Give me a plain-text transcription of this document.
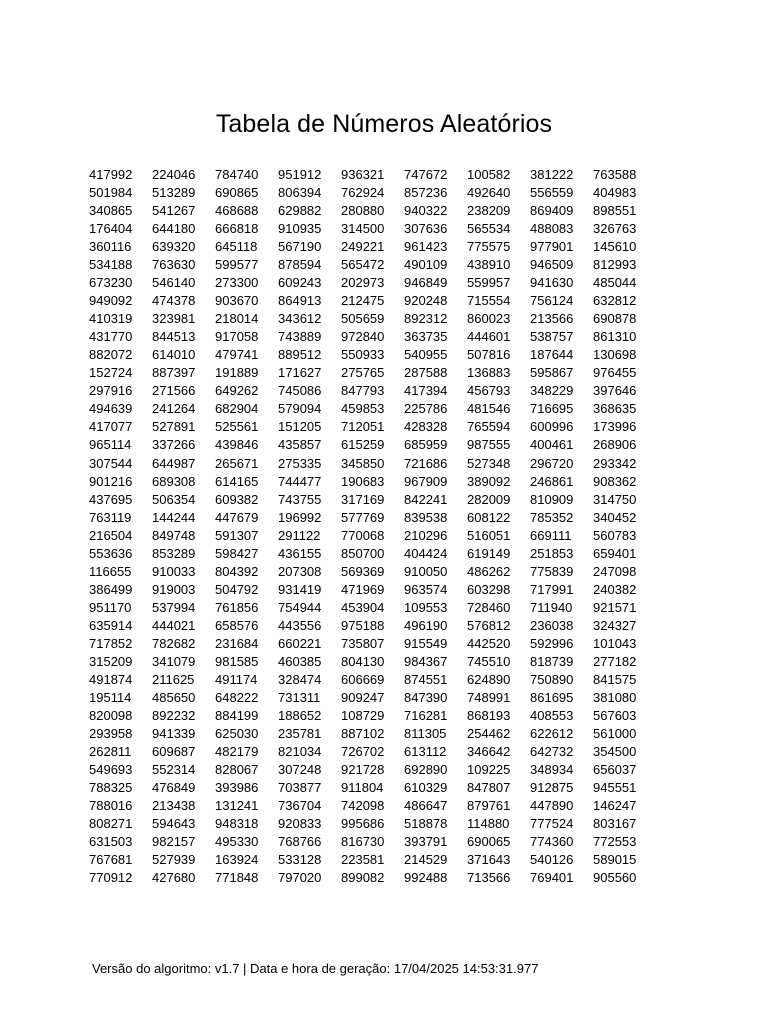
Tabela de Números Aleatórios
417992	224046	784740	951912	936321	747672	100582	381222	763588
501984	513289	690865	806394	762924	857236	492640	556559	404983
340865	541267	468688	629882	280880	940322	238209	869409	898551
176404	644180	666818	910935	314500	307636	565534	488083	326763
360116	639320	645118	567190	249221	961423	775575	977901	145610
534188	763630	599577	878594	565472	490109	438910	946509	812993
673230	546140	273300	609243	202973	946849	559957	941630	485044
949092	474378	903670	864913	212475	920248	715554	756124	632812
410319	323981	218014	343612	505659	892312	860023	213566	690878
431770	844513	917058	743889	972840	363735	444601	538757	861310
882072	614010	479741	889512	550933	540955	507816	187644	130698
152724	887397	191889	171627	275765	287588	136883	595867	976455
297916	271566	649262	745086	847793	417394	456793	348229	397646
494639	241264	682904	579094	459853	225786	481546	716695	368635
417077	527891	525561	151205	712051	428328	765594	600996	173996
965114	337266	439846	435857	615259	685959	987555	400461	268906
307544	644987	265671	275335	345850	721686	527348	296720	293342
901216	689308	614165	744477	190683	967909	389092	246861	908362
437695	506354	609382	743755	317169	842241	282009	810909	314750
763119	144244	447679	196992	577769	839538	608122	785352	340452
216504	849748	591307	291122	770068	210296	516051	669111	560783
553636	853289	598427	436155	850700	404424	619149	251853	659401
116655	910033	804392	207308	569369	910050	486262	775839	247098
386499	919003	504792	931419	471969	963574	603298	717991	240382
951170	537994	761856	754944	453904	109553	728460	711940	921571
635914	444021	658576	443556	975188	496190	576812	236038	324327
717852	782682	231684	660221	735807	915549	442520	592996	101043
315209	341079	981585	460385	804130	984367	745510	818739	277182
491874	211625	491174	328474	606669	874551	624890	750890	841575
195114	485650	648222	731311	909247	847390	748991	861695	381080
820098	892232	884199	188652	108729	716281	868193	408553	567603
293958	941339	625030	235781	887102	811305	254462	622612	561000
262811	609687	482179	821034	726702	613112	346642	642732	354500
549693	552314	828067	307248	921728	692890	109225	348934	656037
788325	476849	393986	703877	911804	610329	847807	912875	945551
788016	213438	131241	736704	742098	486647	879761	447890	146247
808271	594643	948318	920833	995686	518878	114880	777524	803167
631503	982157	495330	768766	816730	393791	690065	774360	772553
767681	527939	163924	533128	223581	214529	371643	540126	589015
770912	427680	771848	797020	899082	992488	713566	769401	905560
Versão do algoritmo: v1.7 | Data e hora de geração: 17/04/2025 14:53:31.977
